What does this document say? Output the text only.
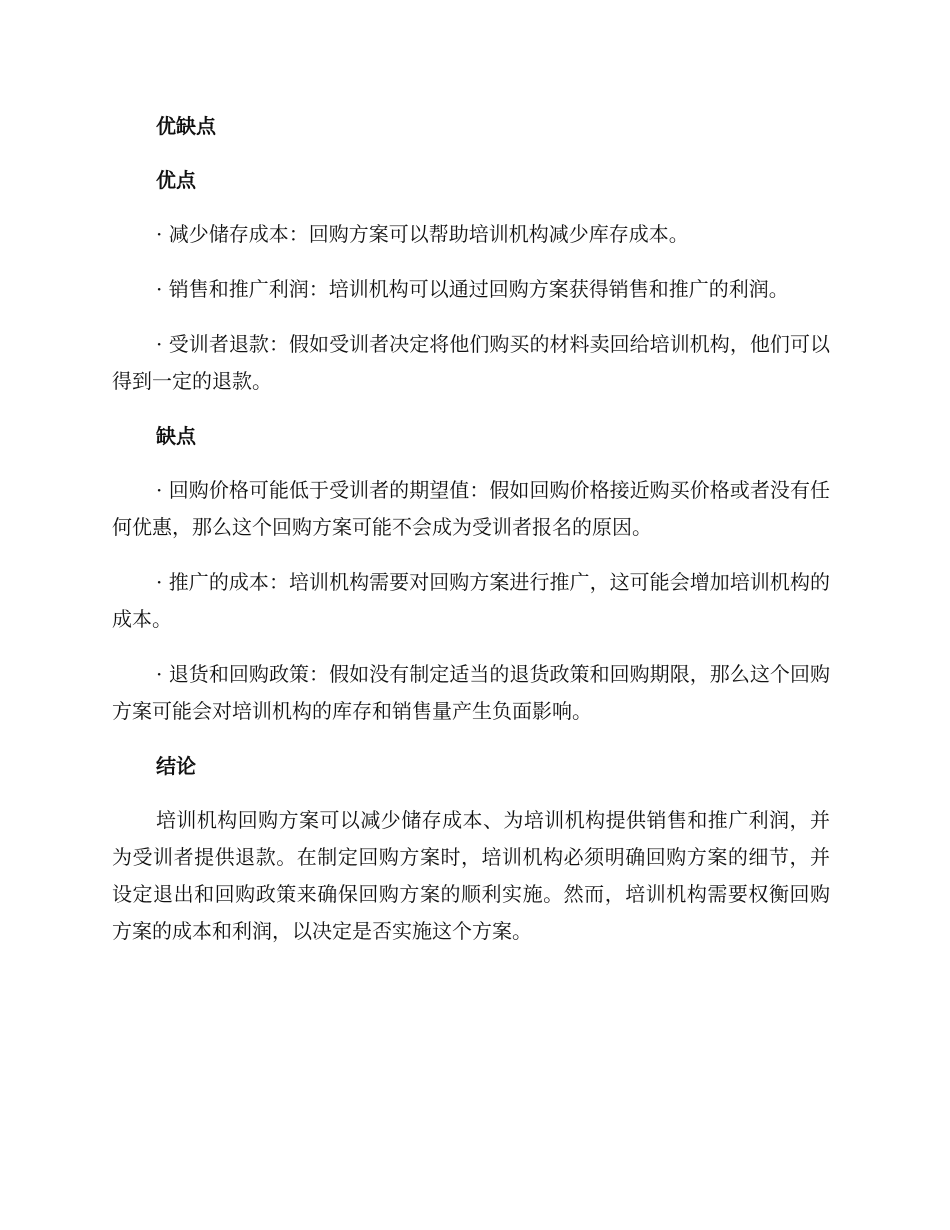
优缺点
优点

· 减少储存成本：回购方案可以帮助培训机构减少库存成本。

· 销售和推广利润：培训机构可以通过回购方案获得销售和推广的利润。

· 受训者退款：假如受训者决定将他们购买的材料卖回给培训机构，他们可以得到一定的退款。

缺点

· 回购价格可能低于受训者的期望值：假如回购价格接近购买价格或者没有任何优惠，那么这个回购方案可能不会成为受训者报名的原因。

· 推广的成本：培训机构需要对回购方案进行推广，这可能会增加培训机构的成本。

· 退货和回购政策：假如没有制定适当的退货政策和回购期限，那么这个回购方案可能会对培训机构的库存和销售量产生负面影响。

结论

培训机构回购方案可以减少储存成本、为培训机构提供销售和推广利润，并为受训者提供退款。在制定回购方案时，培训机构必须明确回购方案的细节，并设定退出和回购政策来确保回购方案的顺利实施。然而，培训机构需要权衡回购方案的成本和利润，以决定是否实施这个方案。
